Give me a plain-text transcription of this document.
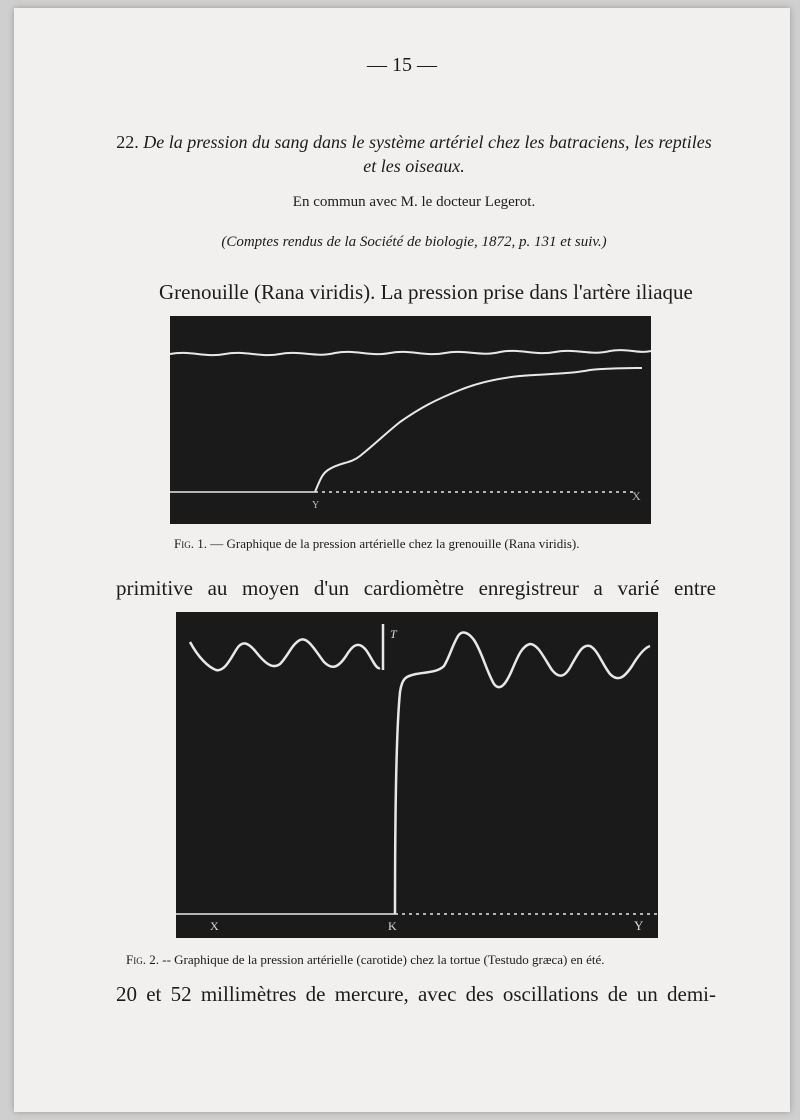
— 15 —
22. De la pression du sang dans le système artériel chez les batraciens, les reptiles et les oiseaux.
En commun avec M. le docteur Legerot.
(Comptes rendus de la Société de biologie, 1872, p. 131 et suiv.)
Grenouille (Rana viridis). La pression prise dans l'artère iliaque
Y
X
Fig. 1. — Graphique de la pression artérielle chez la grenouille (Rana viridis).
primitive au moyen d'un cardiomètre enregistreur a varié entre
T
X	K	Y
Fig. 2. -- Graphique de la pression artérielle (carotide) chez la tortue (Testudo græca) en été.
20 et 52 millimètres de mercure, avec des oscillations de un demi-
